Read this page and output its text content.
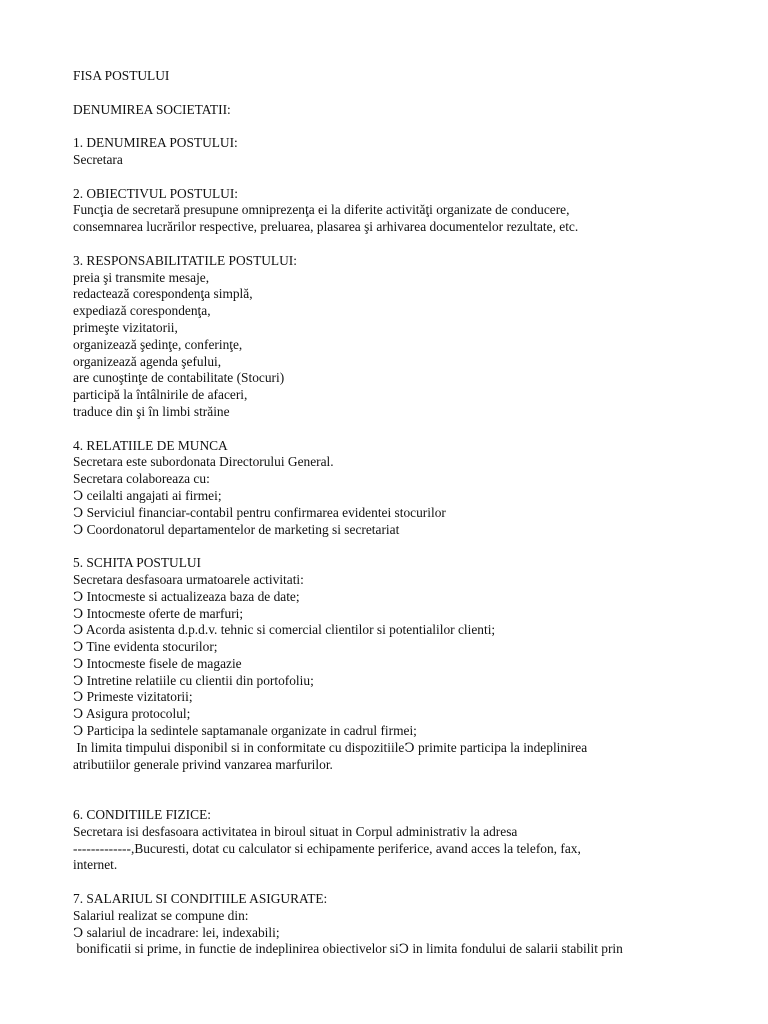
FISA POSTULUI

DENUMIREA SOCIETATII:

1. DENUMIREA POSTULUI:

Secretara

2. OBIECTIVUL POSTULUI:

Funcţia de secretară presupune omniprezenţa ei la diferite activităţi organizate de conducere,

consemnarea lucrărilor respective, preluarea, plasarea şi arhivarea documentelor rezultate, etc.

3. RESPONSABILITATILE POSTULUI:

preia şi transmite mesaje,

redactează corespondenţa simplă,

expediază corespondenţa,

primeşte vizitatorii,

organizează şedinţe, conferinţe,

organizează agenda şefului,

are cunoştinţe de contabilitate (Stocuri)

participă la întâlnirile de afaceri,

traduce din şi în limbi străine

4. RELATIILE DE MUNCA

Secretara este subordonata Directorului General.

Secretara colaboreaza cu:

Ↄ ceilalti angajati ai firmei;

Ↄ Serviciul financiar-contabil pentru confirmarea evidentei stocurilor

Ↄ Coordonatorul departamentelor de marketing si secretariat

5. SCHITA POSTULUI

Secretara desfasoara urmatoarele activitati:

Ↄ Intocmeste si actualizeaza baza de date;

Ↄ Intocmeste oferte de marfuri;

Ↄ Acorda asistenta d.p.d.v. tehnic si comercial clientilor si potentialilor clienti;

Ↄ Tine evidenta stocurilor;

Ↄ Intocmeste fisele de magazie

Ↄ Intretine relatiile cu clientii din portofoliu;

Ↄ Primeste vizitatorii;

Ↄ Asigura protocolul;

Ↄ Participa la sedintele saptamanale organizate in cadrul firmei;

In limita timpului disponibil si in conformitate cu dispozitiileↃ primite participa la indeplinirea

atributiilor generale privind vanzarea marfurilor.

6. CONDITIILE FIZICE:

Secretara isi desfasoara activitatea in biroul situat in Corpul administrativ la adresa

-------------,Bucuresti, dotat cu calculator si echipamente periferice, avand acces la telefon, fax,

internet.

7. SALARIUL SI CONDITIILE ASIGURATE:

Salariul realizat se compune din:

Ↄ salariul de incadrare: lei, indexabili;

bonificatii si prime, in functie de indeplinirea obiectivelor siↃ in limita fondului de salarii stabilit prin
